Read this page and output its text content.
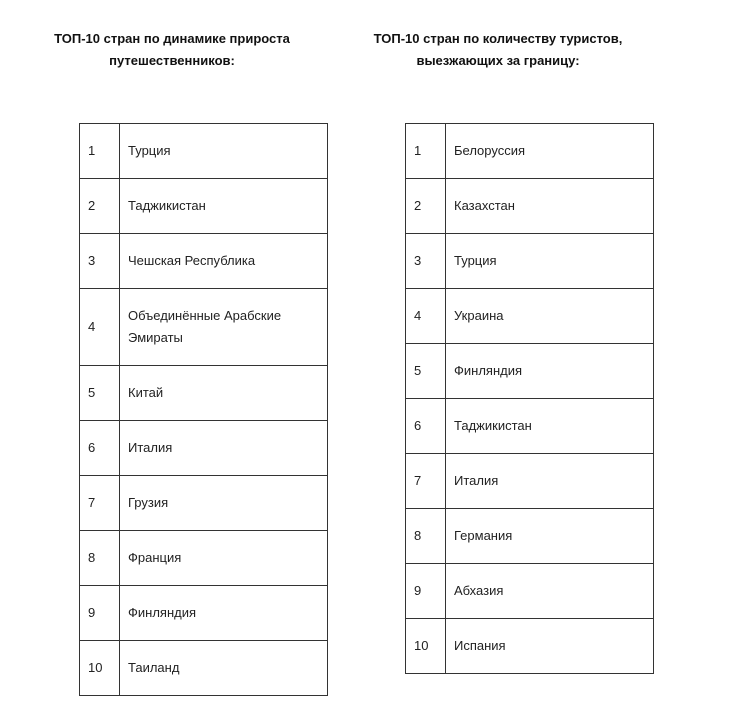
ТОП-10 стран по динамике прироста
путешественников:
ТОП-10 стран по количеству туристов,
выезжающих за границу:
1	Турция
2	Таджикистан
3	Чешская Республика
4	Объединённые Арабские Эмираты
5	Китай
6	Италия
7	Грузия
8	Франция
9	Финляндия
10	Таиланд
1	Белоруссия
2	Казахстан
3	Турция
4	Украина
5	Финляндия
6	Таджикистан
7	Италия
8	Германия
9	Абхазия
10	Испания
